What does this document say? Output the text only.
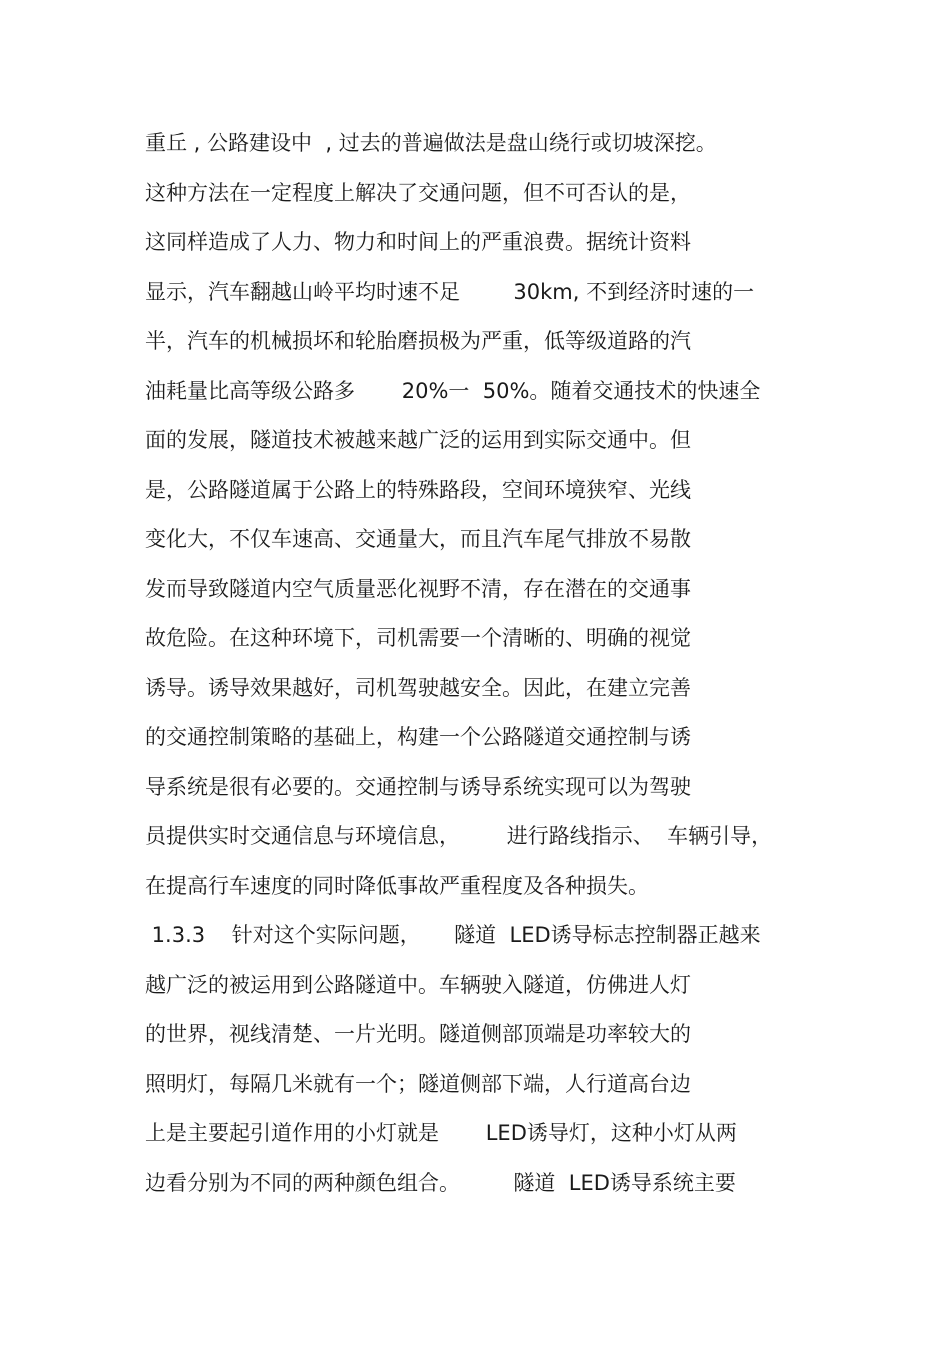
重丘 , 公路建设中  , 过去的普遍做法是盘山绕行或切坡深挖。
这种方法在一定程度上解决了交通问题，但不可否认的是，
这同样造成了人力、物力和时间上的严重浪费。据统计资料
显示，汽车翻越山岭平均时速不足        30km, 不到经济时速的一
半，汽车的机械损坏和轮胎磨损极为严重，低等级道路的汽
油耗量比高等级公路多       20%一  50%。随着交通技术的快速全
面的发展，隧道技术被越来越广泛的运用到实际交通中。但
是，公路隧道属于公路上的特殊路段，空间环境狭窄、光线
变化大，不仅车速高、交通量大，而且汽车尾气排放不易散
发而导致隧道内空气质量恶化视野不清，存在潜在的交通事
故危险。在这种环境下，司机需要一个清晰的、明确的视觉
诱导。诱导效果越好，司机驾驶越安全。因此，在建立完善
的交通控制策略的基础上，构建一个公路隧道交通控制与诱
导系统是很有必要的。交通控制与诱导系统实现可以为驾驶
员提供实时交通信息与环境信息，       进行路线指示、  车辆引导，
在提高行车速度的同时降低事故严重程度及各种损失。
1.3.3    针对这个实际问题，     隧道  LED诱导标志控制器正越来
越广泛的被运用到公路隧道中。车辆驶入隧道，仿佛进人灯
的世界，视线清楚、一片光明。隧道侧部顶端是功率较大的
照明灯，每隔几米就有一个；隧道侧部下端，人行道高台边
上是主要起引道作用的小灯就是       LED诱导灯，这种小灯从两
边看分别为不同的两种颜色组合。        隧道  LED诱导系统主要
